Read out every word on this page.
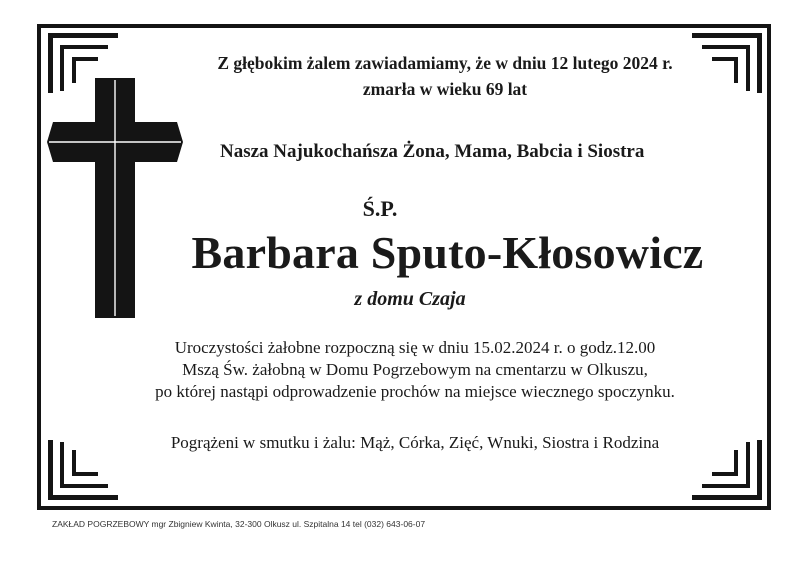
Z głębokim żalem zawiadamiamy, że w dniu 12 lutego 2024 r.
zmarła w wieku 69 lat
Nasza Najukochańsza Żona, Mama, Babcia i Siostra
Ś.P.
Barbara Sputo-Kłosowicz
z domu Czaja
Uroczystości żałobne rozpoczną się w dniu 15.02.2024 r. o godz.12.00
Mszą Św. żałobną w Domu Pogrzebowym na cmentarzu w Olkuszu,
po której nastąpi odprowadzenie prochów na miejsce wiecznego spoczynku.
Pogrążeni w smutku i żalu: Mąż, Córka, Zięć, Wnuki, Siostra i Rodzina
ZAKŁAD POGRZEBOWY mgr Zbigniew Kwinta, 32-300 Olkusz ul. Szpitalna 14 tel (032) 643-06-07
